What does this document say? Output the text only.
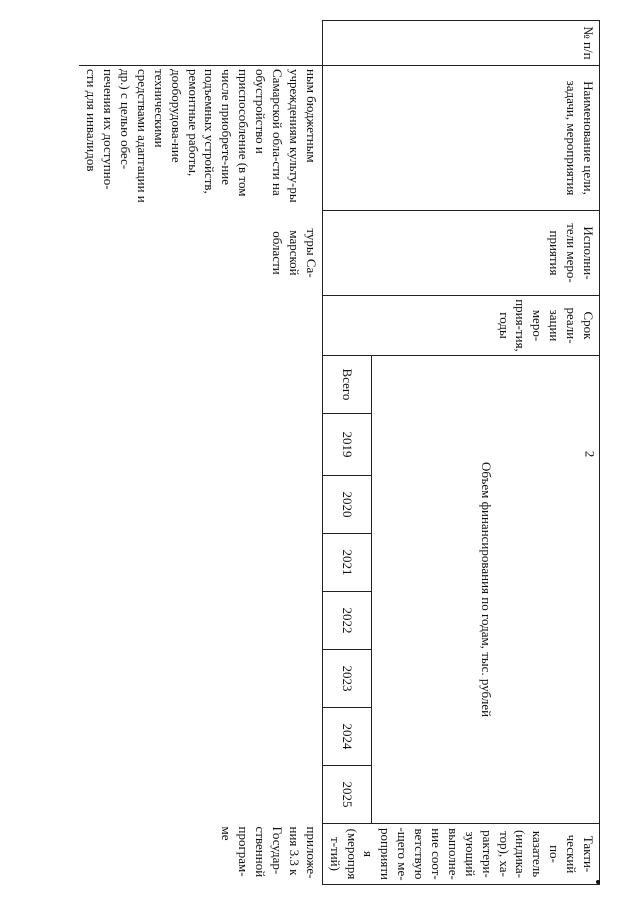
2
№ п/п	Наименование цели, задачи, мероприятия	Исполни-тели меро-приятия	Срок реали-зации меро-прия-тия, годы	Объем финансирования по годам, тыс. рублей								Такти-ческий по-казатель (индика-тор), ха-рактери-зующий выполне-ние соот-ветствую-щего ме-роприятия (меропрят-тий)
				Всего	2019	2020	2021	2022	2023	2024	2025	
	ным бюджетным учреждениям культу-ры Самарской обла-сти на обустройство и приспособление (в том числе приобрете-ние подъемных устройств, ремонтные работы, дооборудова-ние техническими средствами адаптации и др.) с целью обес-печения их доступно-сти для инвалидов	туры Са-марской области										приложе-ния 3.3 к Государ-ственной програм-ме
